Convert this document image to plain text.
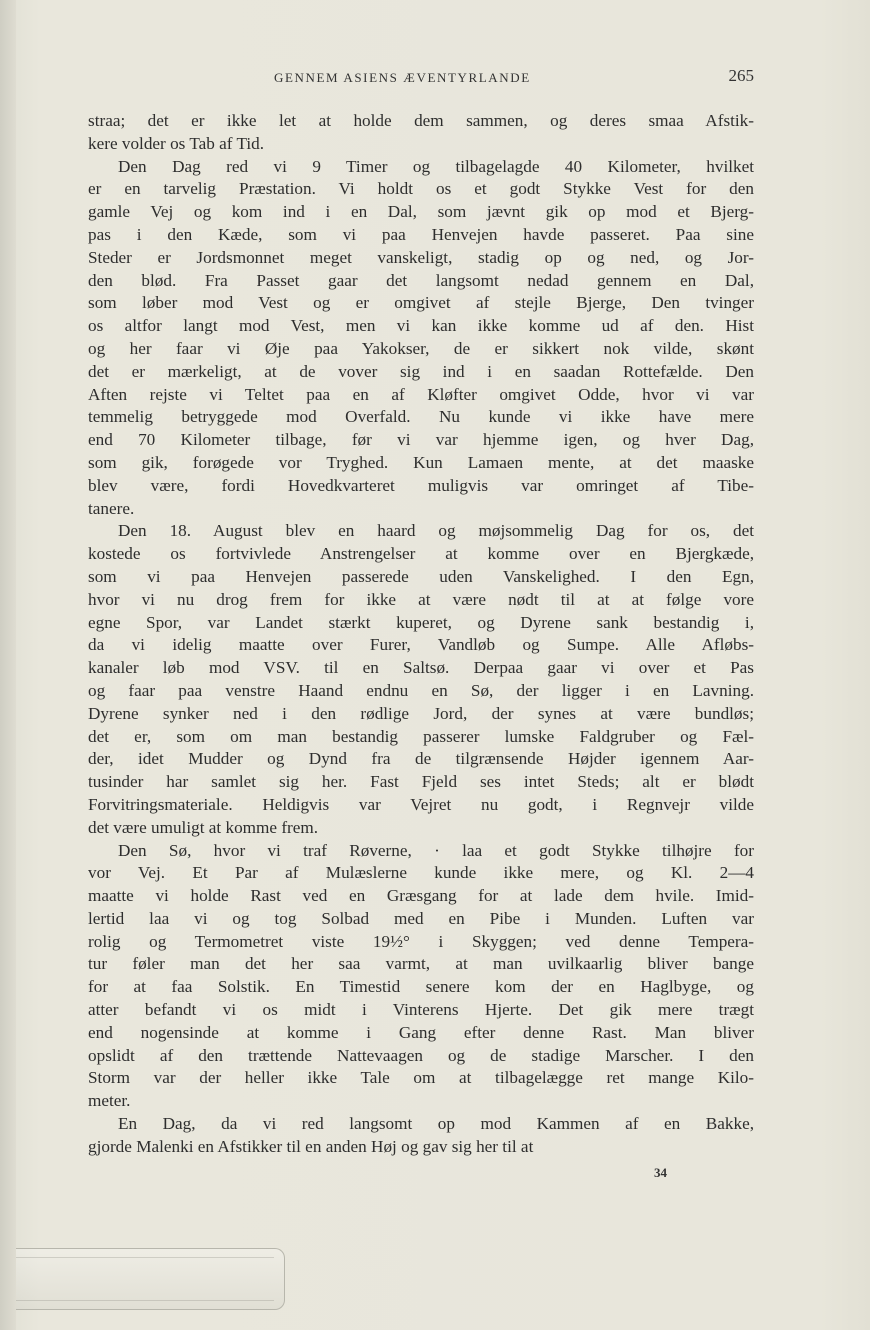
GENNEM ASIENS ÆVENTYRLANDE	265
straa; det er ikke let at holde dem sammen, og deres smaa Afstik-
kere volder os Tab af Tid.
Den Dag red vi 9 Timer og tilbagelagde 40 Kilometer, hvilket
er en tarvelig Præstation. Vi holdt os et godt Stykke Vest for den
gamle Vej og kom ind i en Dal, som jævnt gik op mod et Bjerg-
pas i den Kæde, som vi paa Henvejen havde passeret. Paa sine
Steder er Jordsmonnet meget vanskeligt, stadig op og ned, og Jor-
den blød. Fra Passet gaar det langsomt nedad gennem en Dal,
som løber mod Vest og er omgivet af stejle Bjerge, Den tvinger
os altfor langt mod Vest, men vi kan ikke komme ud af den. Hist
og her faar vi Øje paa Yakokser, de er sikkert nok vilde, skønt
det er mærkeligt, at de vover sig ind i en saadan Rottefælde. Den
Aften rejste vi Teltet paa en af Kløfter omgivet Odde, hvor vi var
temmelig betryggede mod Overfald. Nu kunde vi ikke have mere
end 70 Kilometer tilbage, før vi var hjemme igen, og hver Dag,
som gik, forøgede vor Tryghed. Kun Lamaen mente, at det maaske
blev være, fordi Hovedkvarteret muligvis var omringet af Tibe-
tanere.
Den 18. August blev en haard og møjsommelig Dag for os, det
kostede os fortvivlede Anstrengelser at komme over en Bjergkæde,
som vi paa Henvejen passerede uden Vanskelighed. I den Egn,
hvor vi nu drog frem for ikke at være nødt til at at følge vore
egne Spor, var Landet stærkt kuperet, og Dyrene sank bestandig i,
da vi idelig maatte over Furer, Vandløb og Sumpe. Alle Afløbs-
kanaler løb mod VSV. til en Saltsø. Derpaa gaar vi over et Pas
og faar paa venstre Haand endnu en Sø, der ligger i en Lavning.
Dyrene synker ned i den rødlige Jord, der synes at være bundløs;
det er, som om man bestandig passerer lumske Faldgruber og Fæl-
der, idet Mudder og Dynd fra de tilgrænsende Højder igennem Aar-
tusinder har samlet sig her. Fast Fjeld ses intet Steds; alt er blødt
Forvitringsmateriale. Heldigvis var Vejret nu godt, i Regnvejr vilde
det være umuligt at komme frem.
Den Sø, hvor vi traf Røverne, · laa et godt Stykke tilhøjre for
vor Vej. Et Par af Mulæslerne kunde ikke mere, og Kl. 2—4
maatte vi holde Rast ved en Græsgang for at lade dem hvile. Imid-
lertid laa vi og tog Solbad med en Pibe i Munden. Luften var
rolig og Termometret viste 19½° i Skyggen; ved denne Tempera-
tur føler man det her saa varmt, at man uvilkaarlig bliver bange
for at faa Solstik. En Timestid senere kom der en Haglbyge, og
atter befandt vi os midt i Vinterens Hjerte. Det gik mere trægt
end nogensinde at komme i Gang efter denne Rast. Man bliver
opslidt af den trættende Nattevaagen og de stadige Marscher. I den
Storm var der heller ikke Tale om at tilbagelægge ret mange Kilo-
meter.
En Dag, da vi red langsomt op mod Kammen af en Bakke,
gjorde Malenki en Afstikker til en anden Høj og gav sig her til at
34
